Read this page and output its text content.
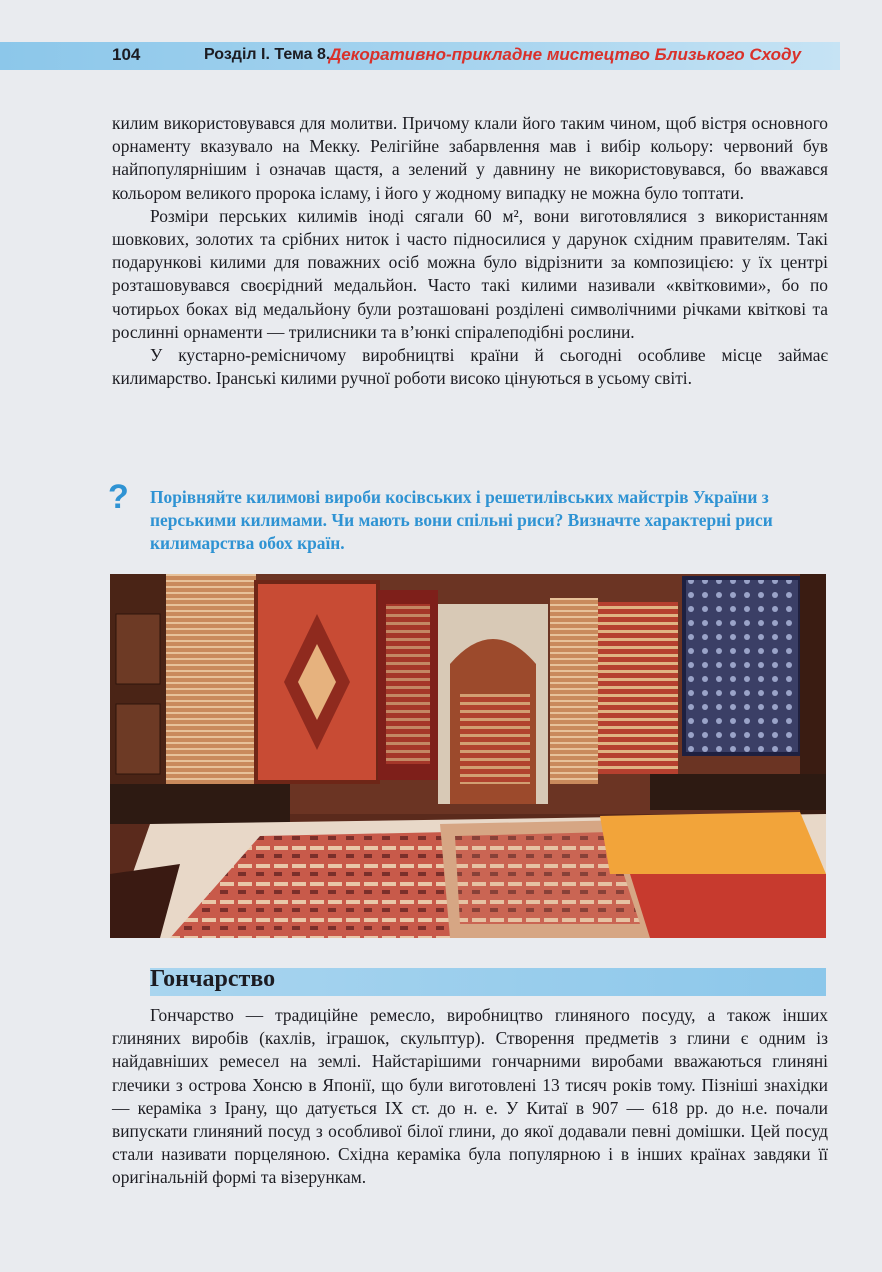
104	Розділ I. Тема 8.
Декоративно-прикладне мистецтво Близького Сходу

килим використовувався для молитви. Причому клали його таким чином, щоб вістря основного орнаменту вказувало на Мекку. Релігійне забарвлення мав і вибір кольору: червоний був найпопулярнішим і означав щастя, а зелений у давнину не використовувався, бо вважався кольором великого пророка ісламу, і його у жодному випадку не можна було топтати.

Розміри перських килимів іноді сягали 60 м², вони виготовлялися з використанням шовкових, золотих та срібних ниток і часто підносилися у дарунок східним правителям. Такі подарункові килими для поважних осіб можна було відрізнити за композицією: у їх центрі розташовувався своєрідний медальйон. Часто такі килими називали «квітковими», бо по чотирьох боках від медальйону були розташовані розділені символічними річками квіткові та рослинні орнаменти — трилисники та в’юнкі спіралеподібні рослини.

У кустарно-ремісничому виробництві країни й сьогодні особливе місце займає килимарство. Іранські килими ручної роботи високо цінуються в усьому світі.

? Порівняйте килимові вироби косівських і решетилівських майстрів України з перськими килимами. Чи мають вони спільні риси? Визначте характерні риси килимарства обох країн.
Гончарство

Гончарство — традиційне ремесло, виробництво глиняного посуду, а також інших глиняних виробів (кахлів, іграшок, скульптур). Створення предметів з глини є одним із найдавніших ремесел на землі. Найстарішими гончарними виробами вважаються глиняні глечики з острова Хонсю в Японії, що були виготовлені 13 тисяч років тому. Пізніші знахідки — кераміка з Ірану, що датується IX ст. до н. е. У Китаї в 907 — 618 рр. до н.е. почали випускати глиняний посуд з особливої білої глини, до якої додавали певні домішки. Цей посуд стали називати порцеляною. Східна кераміка була популярною і в інших країнах завдяки її оригінальній формі та візерункам.
